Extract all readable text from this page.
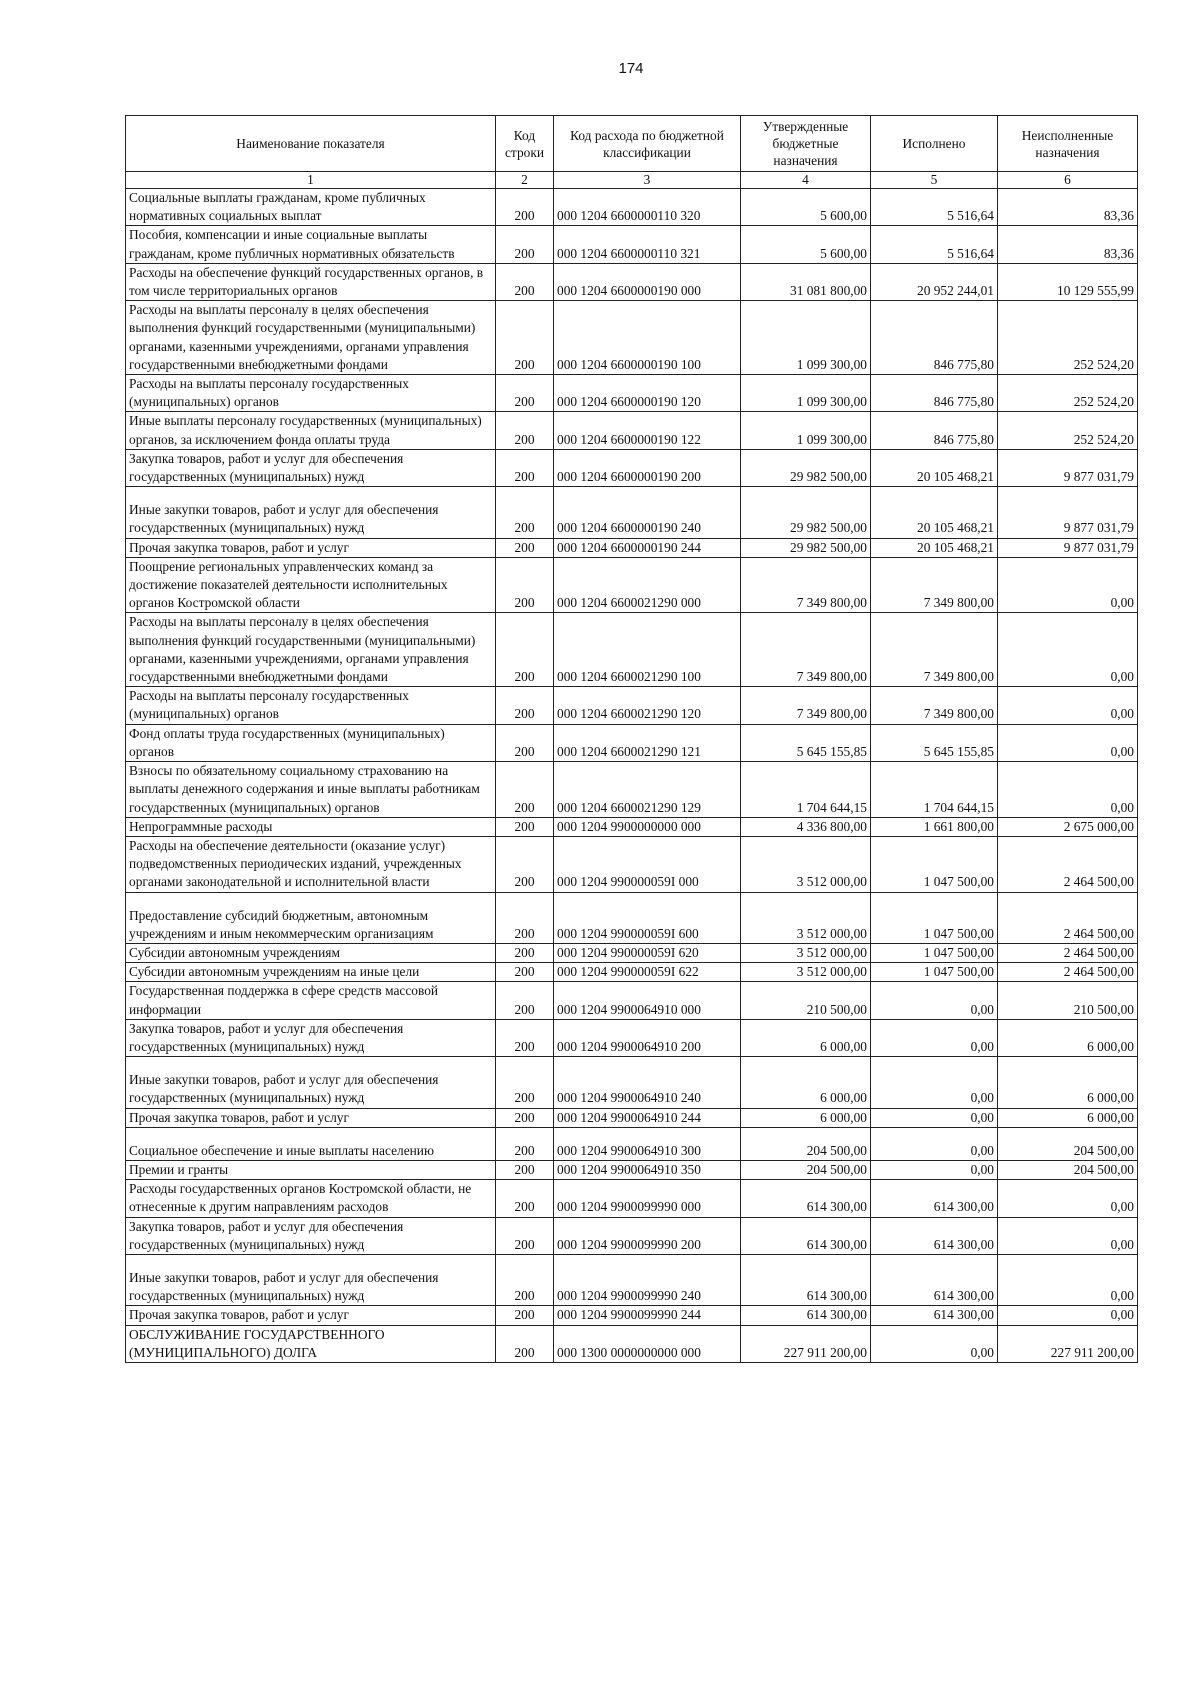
174
Наименование показателя	Код строки	Код расхода по бюджетной классификации	Утвержденные бюджетные назначения	Исполнено	Неисполненные назначения
1	2	3	4	5	6
Социальные выплаты гражданам, кроме публичных нормативных социальных выплат	200	000 1204 6600000110 320	5 600,00	5 516,64	83,36
Пособия, компенсации и иные социальные выплаты гражданам, кроме публичных нормативных обязательств	200	000 1204 6600000110 321	5 600,00	5 516,64	83,36
Расходы на обеспечение функций государственных органов, в том числе территориальных органов	200	000 1204 6600000190 000	31 081 800,00	20 952 244,01	10 129 555,99
Расходы на выплаты персоналу в целях обеспечения выполнения функций государственными (муниципальными) органами, казенными учреждениями, органами управления государственными внебюджетными фондами	200	000 1204 6600000190 100	1 099 300,00	846 775,80	252 524,20
Расходы на выплаты персоналу государственных (муниципальных) органов	200	000 1204 6600000190 120	1 099 300,00	846 775,80	252 524,20
Иные выплаты персоналу государственных (муниципальных) органов, за исключением фонда оплаты труда	200	000 1204 6600000190 122	1 099 300,00	846 775,80	252 524,20
Закупка товаров, работ и услуг для обеспечения государственных (муниципальных) нужд	200	000 1204 6600000190 200	29 982 500,00	20 105 468,21	9 877 031,79
Иные закупки товаров, работ и услуг для обеспечения государственных (муниципальных) нужд	200	000 1204 6600000190 240	29 982 500,00	20 105 468,21	9 877 031,79
Прочая закупка товаров, работ и услуг	200	000 1204 6600000190 244	29 982 500,00	20 105 468,21	9 877 031,79
Поощрение региональных управленческих команд за достижение показателей деятельности исполнительных органов Костромской области	200	000 1204 6600021290 000	7 349 800,00	7 349 800,00	0,00
Расходы на выплаты персоналу в целях обеспечения выполнения функций государственными (муниципальными) органами, казенными учреждениями, органами управления государственными внебюджетными фондами	200	000 1204 6600021290 100	7 349 800,00	7 349 800,00	0,00
Расходы на выплаты персоналу государственных (муниципальных) органов	200	000 1204 6600021290 120	7 349 800,00	7 349 800,00	0,00
Фонд оплаты труда государственных (муниципальных) органов	200	000 1204 6600021290 121	5 645 155,85	5 645 155,85	0,00
Взносы по обязательному социальному страхованию на выплаты денежного содержания и иные выплаты работникам государственных (муниципальных) органов	200	000 1204 6600021290 129	1 704 644,15	1 704 644,15	0,00
Непрограммные расходы	200	000 1204 9900000000 000	4 336 800,00	1 661 800,00	2 675 000,00
Расходы на обеспечение деятельности (оказание услуг) подведомственных периодических изданий, учрежденных органами законодательной и исполнительной власти	200	000 1204 990000059I 000	3 512 000,00	1 047 500,00	2 464 500,00
Предоставление субсидий бюджетным, автономным учреждениям и иным некоммерческим организациям	200	000 1204 990000059I 600	3 512 000,00	1 047 500,00	2 464 500,00
Субсидии автономным учреждениям	200	000 1204 990000059I 620	3 512 000,00	1 047 500,00	2 464 500,00
Субсидии автономным учреждениям на иные цели	200	000 1204 990000059I 622	3 512 000,00	1 047 500,00	2 464 500,00
Государственная поддержка в сфере средств массовой информации	200	000 1204 9900064910 000	210 500,00	0,00	210 500,00
Закупка товаров, работ и услуг для обеспечения государственных (муниципальных) нужд	200	000 1204 9900064910 200	6 000,00	0,00	6 000,00
Иные закупки товаров, работ и услуг для обеспечения государственных (муниципальных) нужд	200	000 1204 9900064910 240	6 000,00	0,00	6 000,00
Прочая закупка товаров, работ и услуг	200	000 1204 9900064910 244	6 000,00	0,00	6 000,00
Социальное обеспечение и иные выплаты населению	200	000 1204 9900064910 300	204 500,00	0,00	204 500,00
Премии и гранты	200	000 1204 9900064910 350	204 500,00	0,00	204 500,00
Расходы государственных органов Костромской области, не отнесенные к другим направлениям расходов	200	000 1204 9900099990 000	614 300,00	614 300,00	0,00
Закупка товаров, работ и услуг для обеспечения государственных (муниципальных) нужд	200	000 1204 9900099990 200	614 300,00	614 300,00	0,00
Иные закупки товаров, работ и услуг для обеспечения государственных (муниципальных) нужд	200	000 1204 9900099990 240	614 300,00	614 300,00	0,00
Прочая закупка товаров, работ и услуг	200	000 1204 9900099990 244	614 300,00	614 300,00	0,00
ОБСЛУЖИВАНИЕ ГОСУДАРСТВЕННОГО (МУНИЦИПАЛЬНОГО) ДОЛГА	200	000 1300 0000000000 000	227 911 200,00	0,00	227 911 200,00
